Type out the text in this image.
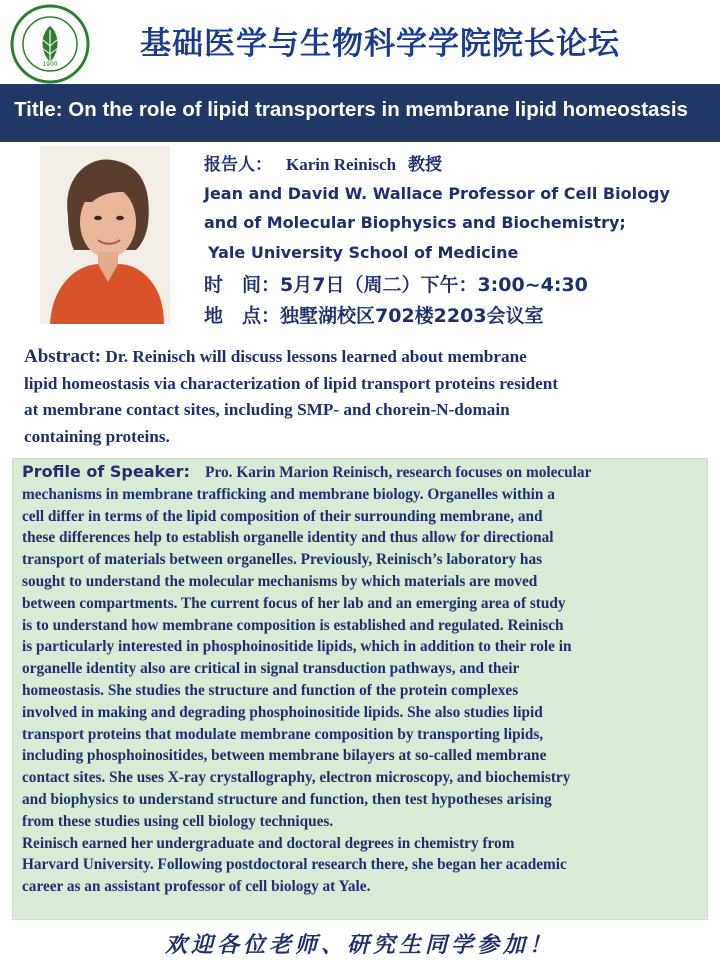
1900
基础医学与生物科学学院院长论坛
Title: On the role of lipid transporters in membrane lipid homeostasis
报告人： Karin Reinisch 教授
Jean and David W. Wallace Professor of Cell Biology
and of Molecular Biophysics and Biochemistry;
Yale University School of Medicine
时　间：5月7日（周二）下午：3:00~4:30
地　点：独墅湖校区702楼2203会议室
Abstract: Dr. Reinisch will discuss lessons learned about membrane
lipid homeostasis via characterization of lipid transport proteins resident
at membrane contact sites, including SMP- and chorein-N-domain
containing proteins.
Profile of Speaker: Pro. Karin Marion Reinisch, research focuses on molecular
mechanisms in membrane trafficking and membrane biology. Organelles within a
cell differ in terms of the lipid composition of their surrounding membrane, and
these differences help to establish organelle identity and thus allow for directional
transport of materials between organelles. Previously, Reinisch’s laboratory has
sought to understand the molecular mechanisms by which materials are moved
between compartments. The current focus of her lab and an emerging area of study
is to understand how membrane composition is established and regulated. Reinisch
is particularly interested in phosphoinositide lipids, which in addition to their role in
organelle identity also are critical in signal transduction pathways, and their
homeostasis. She studies the structure and function of the protein complexes
involved in making and degrading phosphoinositide lipids. She also studies lipid
transport proteins that modulate membrane composition by transporting lipids,
including phosphoinositides, between membrane bilayers at so-called membrane
contact sites. She uses X-ray crystallography, electron microscopy, and biochemistry
and biophysics to understand structure and function, then test hypotheses arising
from these studies using cell biology techniques.
Reinisch earned her undergraduate and doctoral degrees in chemistry from
Harvard University. Following postdoctoral research there, she began her academic
career as an assistant professor of cell biology at Yale.
欢迎各位老师、研究生同学参加！
